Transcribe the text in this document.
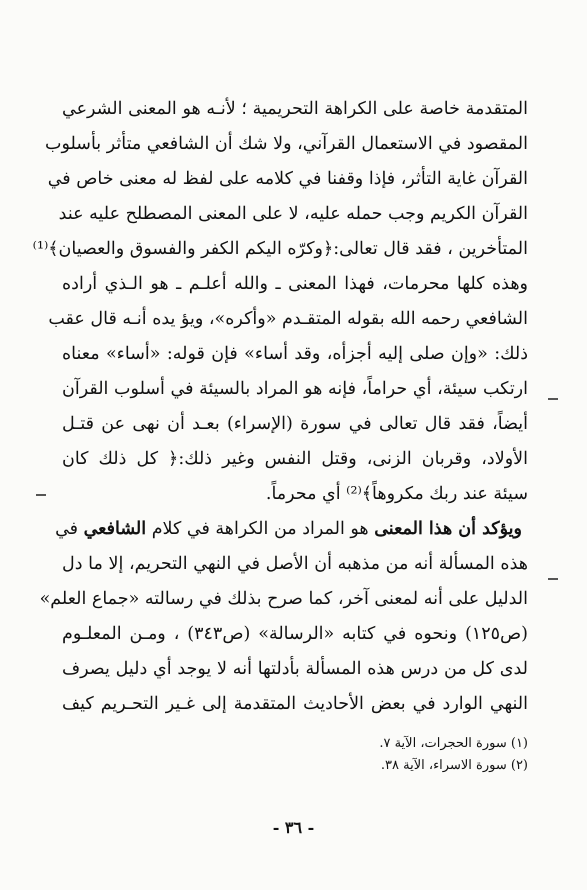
المتقدمة خاصة على الكراهة التحريمية ؛ لأنـه هو المعنى الشرعي
المقصود في الاستعمال القرآني، ولا شك أن الشافعي متأثر بأسلوب
القرآن غاية التأثر، فإذا وقفنا في كلامه على لفظ له معنى خاص في
القرآن الكريم وجب حمله عليه، لا على المعنى المصطلح عليه عند
المتأخرين ، فقد قال تعالى:﴿وكرّه اليكم الكفر والفسوق والعصيان﴾⁽¹⁾
وهذه كلها محرمات، فهذا المعنى ـ والله أعلـم ـ هو الـذي أراده
الشافعي رحمه الله بقوله المتقـدم «وأكره»، ويؤ يده أنـه قال عقب
ذلك: «وإن صلى إليه أجزأه، وقد أساء» فإن قوله: «أساء» معناه
ارتكب سيئة، أي حراماً، فإنه هو المراد بالسيئة في أسلوب القرآن
أيضاً، فقد قال تعالى في سورة (الإسراء) بعـد أن نهى عن قتـل
الأولاد، وقربان الزنى، وقتل النفس وغير ذلك:﴿ كل ذلك كان
سيئة عند ربك مكروهاً﴾⁽²⁾ أي محرماً.
ويؤكد أن هذا المعنى هو المراد من الكراهة في كلام الشافعي في
هذه المسألة أنه من مذهبه أن الأصل في النهي التحريم، إلا ما دل
الدليل على أنه لمعنى آخر، كما صرح بذلك في رسالته «جماع العلم»
(ص١٢٥) ونحوه في كتابه «الرسالة» (ص٣٤٣) ، ومـن المعلـوم
لدى كل من درس هذه المسألة بأدلتها أنه لا يوجد أي دليل يصرف
النهي الوارد في بعض الأحاديث المتقدمة إلى غـير التحـريم كيف
(١) سورة الحجرات، الآية ٧.
(٢) سورة الاسراء، الآية ٣٨.
- ٣٦ -
